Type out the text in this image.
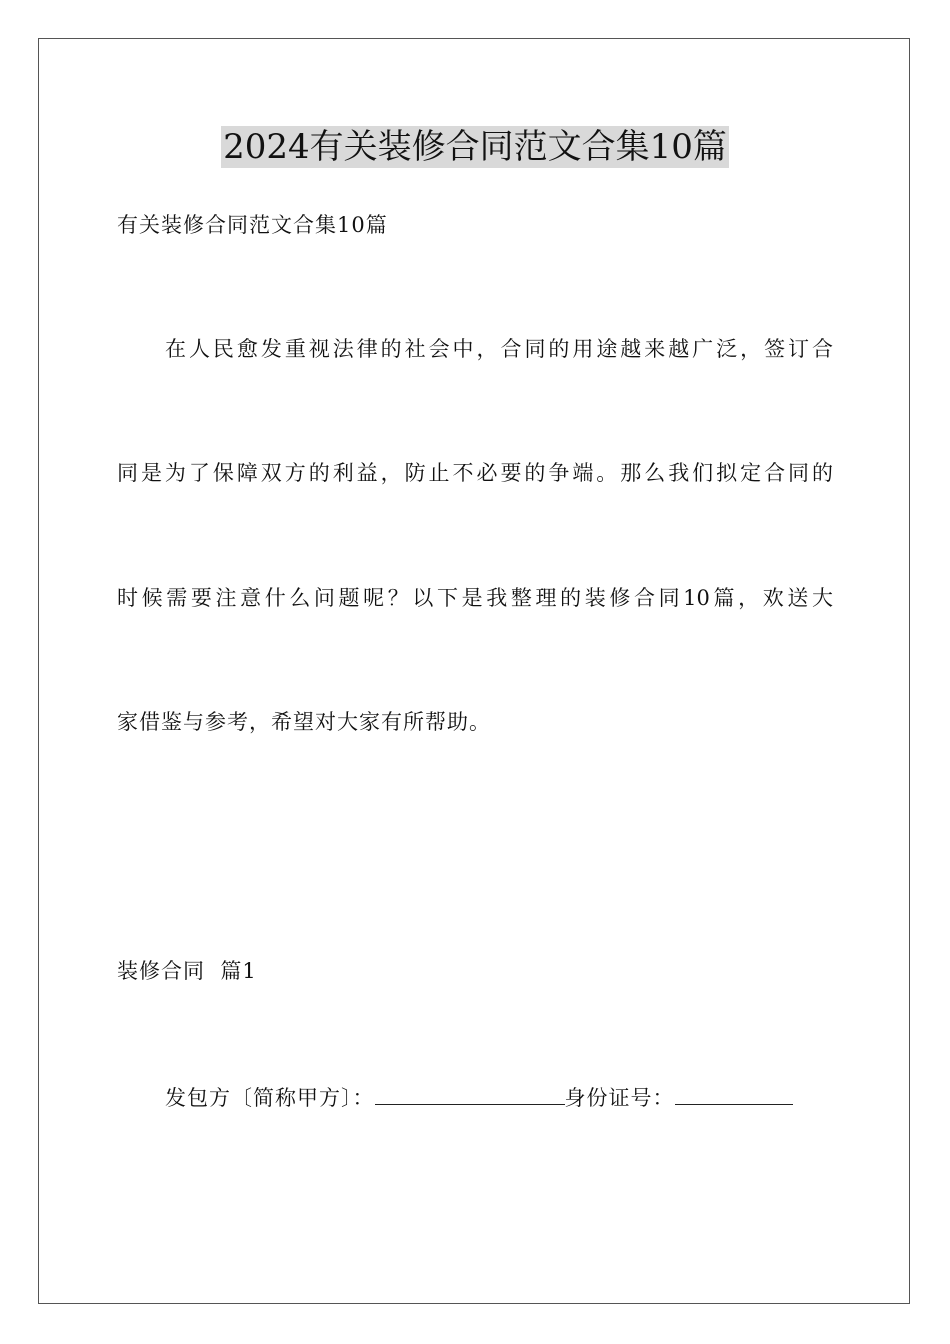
2024有关装修合同范文合集10篇
有关装修合同范文合集10篇
在人民愈发重视法律的社会中，合同的用途越来越广泛，签订合
同是为了保障双方的利益，防止不必要的争端。那么我们拟定合同的
时候需要注意什么问题呢？以下是我整理的装修合同10篇，欢送大
家借鉴与参考，希望对大家有所帮助。
装修合同  篇1
发包方〔简称甲方〕：	身份证号：
